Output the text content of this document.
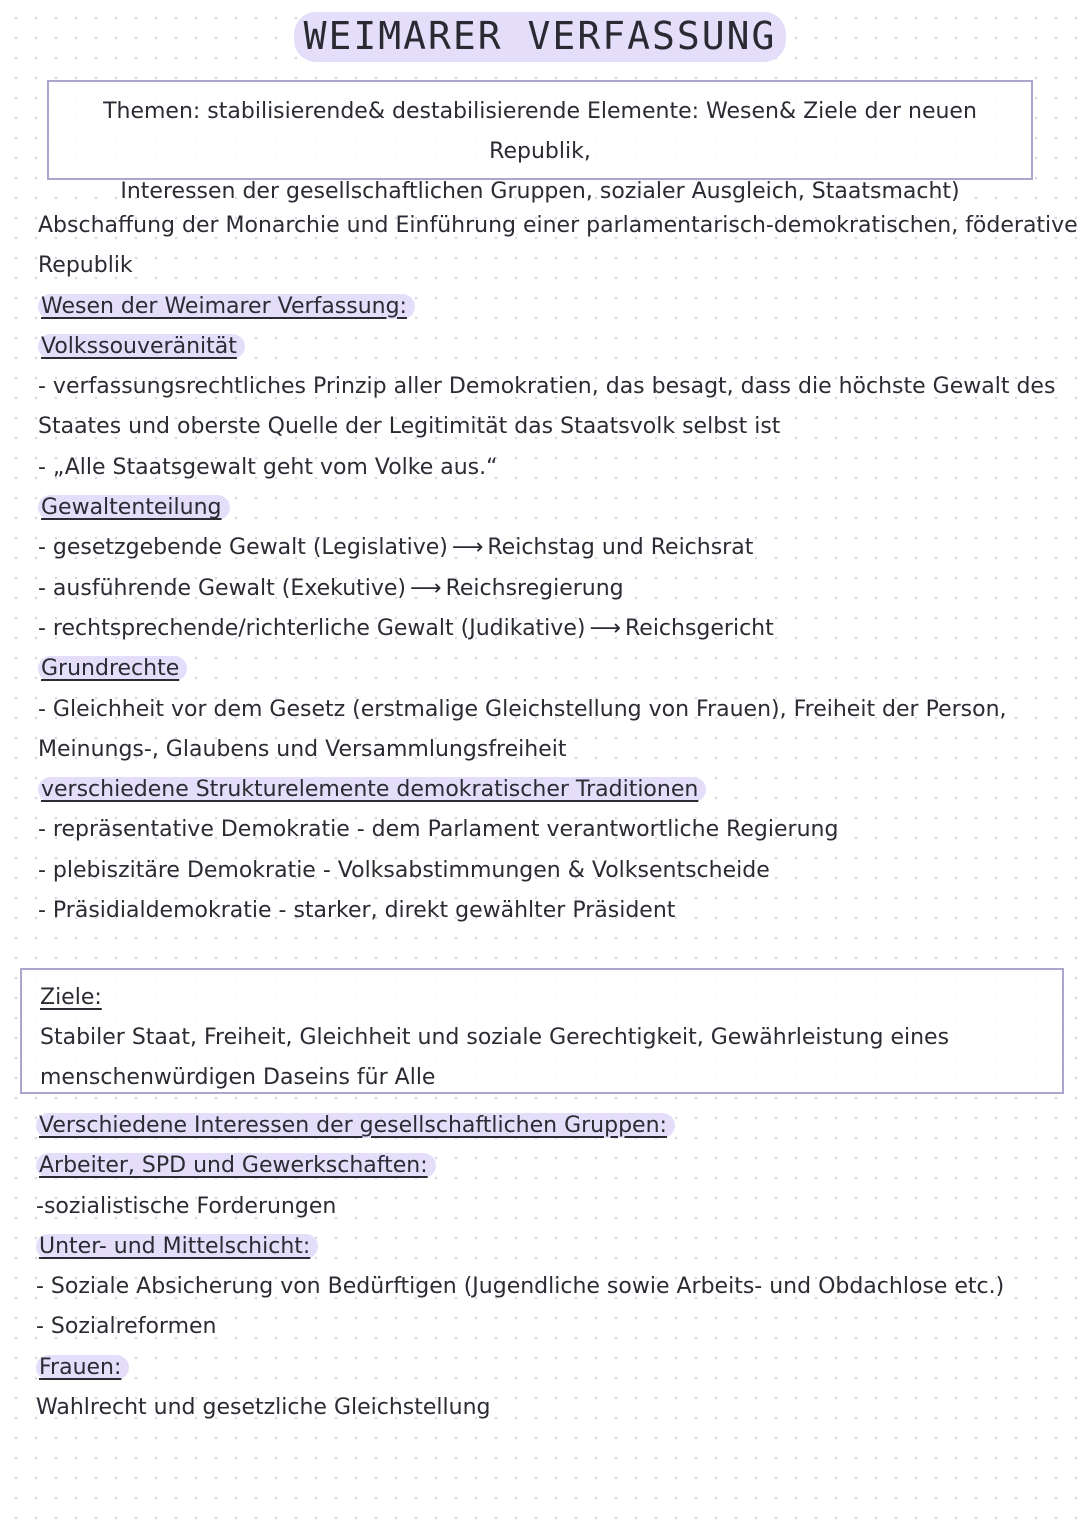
WEIMARER VERFASSUNG

Themen: stabilisierende& destabilisierende Elemente: Wesen& Ziele der neuen Republik,
Interessen der gesellschaftlichen Gruppen, sozialer Ausgleich, Staatsmacht)

Abschaffung der Monarchie und Einführung einer parlamentarisch-demokratischen, föderative
Republik
Wesen der Weimarer Verfassung:
Volkssouveränität
- verfassungsrechtliches Prinzip aller Demokratien, das besagt, dass die höchste Gewalt des
Staates und oberste Quelle der Legitimität das Staatsvolk selbst ist
- „Alle Staatsgewalt geht vom Volke aus.“
Gewaltenteilung
- gesetzgebende Gewalt (Legislative) ⟶ Reichstag und Reichsrat
- ausführende Gewalt (Exekutive) ⟶ Reichsregierung
- rechtsprechende/richterliche Gewalt (Judikative) ⟶ Reichsgericht
Grundrechte
- Gleichheit vor dem Gesetz (erstmalige Gleichstellung von Frauen), Freiheit der Person,
Meinungs-, Glaubens und Versammlungsfreiheit
verschiedene Strukturelemente demokratischer Traditionen
- repräsentative Demokratie - dem Parlament verantwortliche Regierung
- plebiszitäre Demokratie - Volksabstimmungen & Volksentscheide
- Präsidialdemokratie - starker, direkt gewählter Präsident
Ziele:
Stabiler Staat, Freiheit, Gleichheit und soziale Gerechtigkeit, Gewährleistung eines
menschenwürdigen Daseins für Alle
Verschiedene Interessen der gesellschaftlichen Gruppen:
Arbeiter, SPD und Gewerkschaften:
-sozialistische Forderungen
Unter- und Mittelschicht:
- Soziale Absicherung von Bedürftigen (Jugendliche sowie Arbeits- und Obdachlose etc.)
- Sozialreformen
Frauen:
Wahlrecht und gesetzliche Gleichstellung
